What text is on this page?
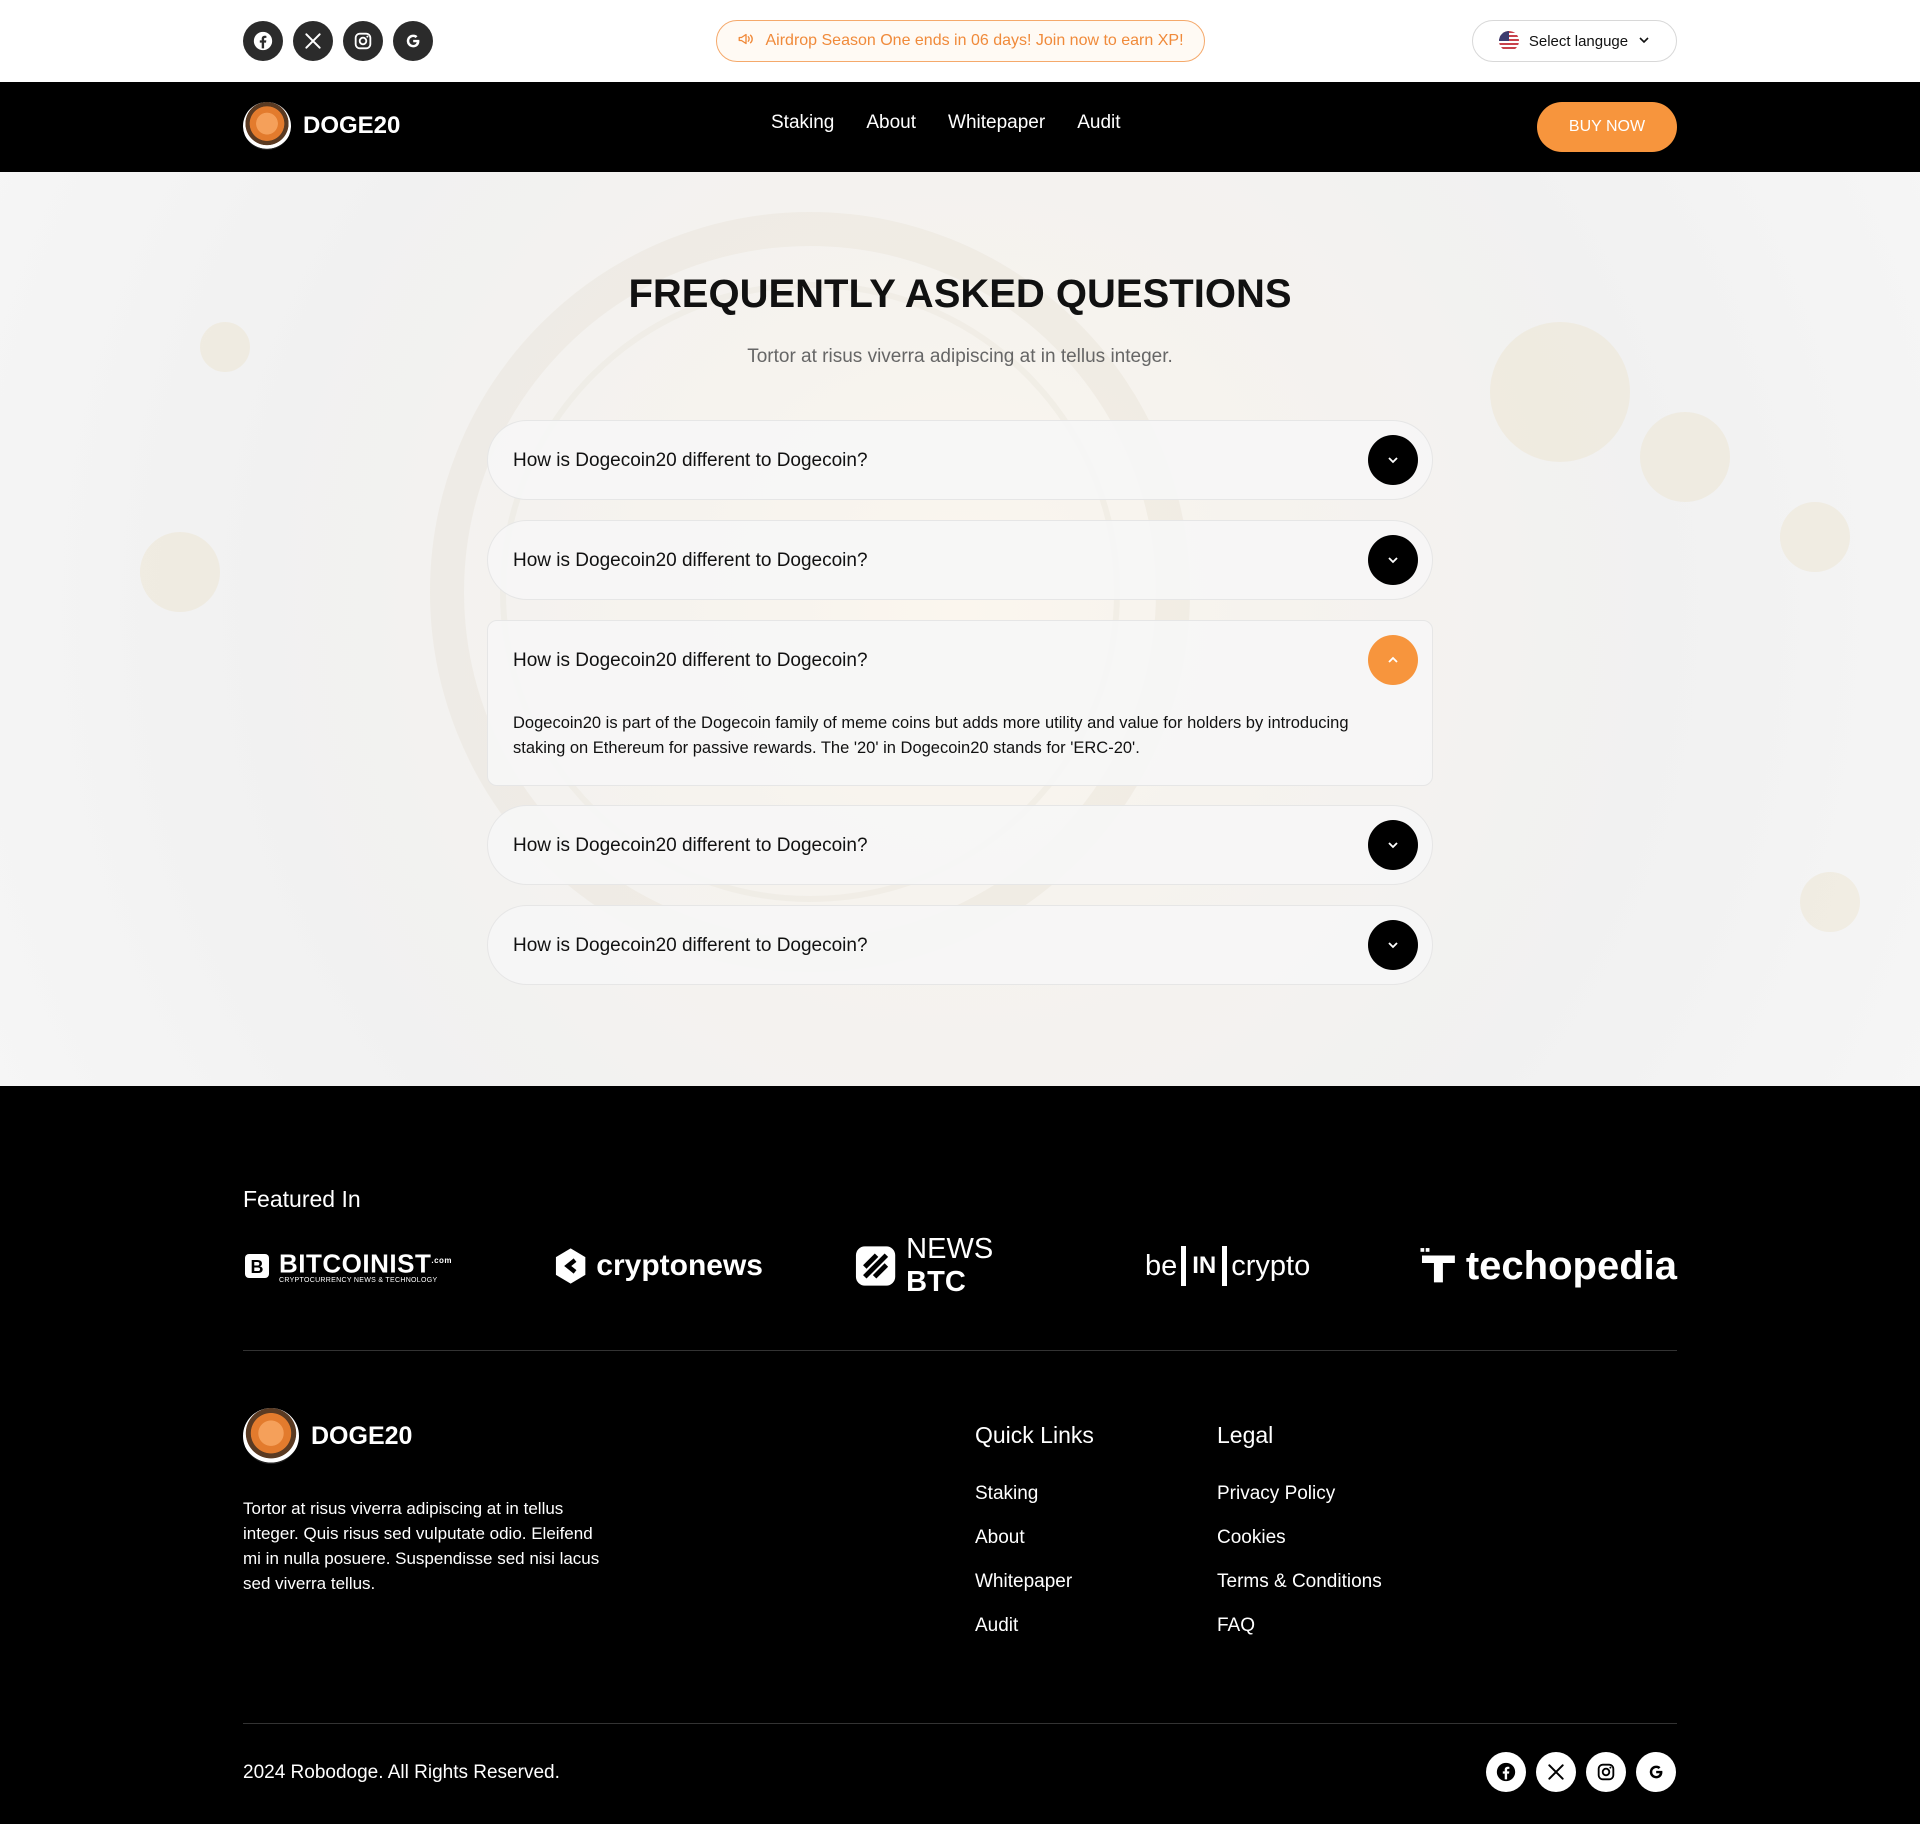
Airdrop Season One ends in 06 days! Join now to earn XP!	Select languge
DOGE20	Staking About Whitepaper Audit	BUY NOW
FREQUENTLY ASKED QUESTIONS
Tortor at risus viverra adipiscing at in tellus integer.
How is Dogecoin20 different to Dogecoin?
How is Dogecoin20 different to Dogecoin?
How is Dogecoin20 different to Dogecoin?
Dogecoin20 is part of the Dogecoin family of meme coins but adds more utility and value for holders by introducing staking on Ethereum for passive rewards. The '20' in Dogecoin20 stands for 'ERC-20'.
How is Dogecoin20 different to Dogecoin?
How is Dogecoin20 different to Dogecoin?
Featured In
B $BITCOINIST^{.com}$
CRYPTOCURRENCY NEWS & TECHNOLOGY	cryptonews	NEWS BTC
be IN crypto	techopedia
DOGE20
Tortor at risus viverra adipiscing at in tellus integer. Quis risus sed vulputate odio. Eleifend mi in nulla posuere. Suspendisse sed nisi lacus sed viverra tellus.
Quick Links
Staking
About
Whitepaper
Audit
Legal
Privacy Policy
Cookies
Terms & Conditions
FAQ
2024 Robodoge. All Rights Reserved.
